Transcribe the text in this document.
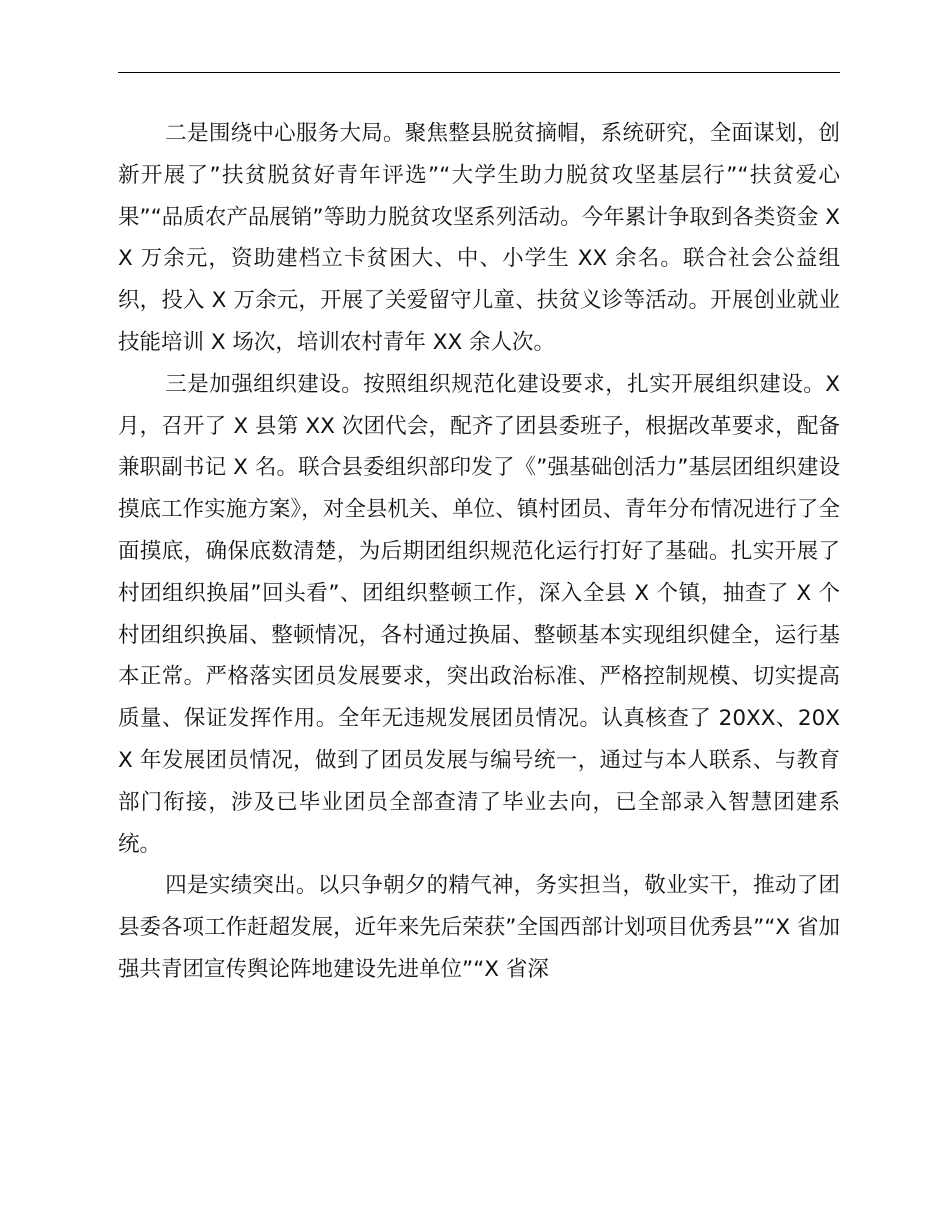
二是围绕中心服务大局。聚焦整县脱贫摘帽，系统研究，全面谋划，创新开展了”扶贫脱贫好青年评选”“大学生助力脱贫攻坚基层行”“扶贫爱心果”“品质农产品展销”等助力脱贫攻坚系列活动。今年累计争取到各类资金 XX 万余元，资助建档立卡贫困大、中、小学生 XX 余名。联合社会公益组织，投入 X 万余元，开展了关爱留守儿童、扶贫义诊等活动。开展创业就业技能培训 X 场次，培训农村青年 XX 余人次。

三是加强组织建设。按照组织规范化建设要求，扎实开展组织建设。X 月，召开了 X 县第 XX 次团代会，配齐了团县委班子，根据改革要求，配备兼职副书记 X 名。联合县委组织部印发了《”强基础创活力”基层团组织建设摸底工作实施方案》，对全县机关、单位、镇村团员、青年分布情况进行了全面摸底，确保底数清楚，为后期团组织规范化运行打好了基础。扎实开展了村团组织换届”回头看”、团组织整顿工作，深入全县 X 个镇，抽查了 X 个村团组织换届、整顿情况，各村通过换届、整顿基本实现组织健全，运行基本正常。严格落实团员发展要求，突出政治标准、严格控制规模、切实提高质量、保证发挥作用。全年无违规发展团员情况。认真核查了 20XX、20XX 年发展团员情况，做到了团员发展与编号统一，通过与本人联系、与教育部门衔接，涉及已毕业团员全部查清了毕业去向，已全部录入智慧团建系统。

四是实绩突出。以只争朝夕的精气神，务实担当，敬业实干，推动了团县委各项工作赶超发展，近年来先后荣获”全国西部计划项目优秀县”“X 省加强共青团宣传舆论阵地建设先进单位”“X 省深
